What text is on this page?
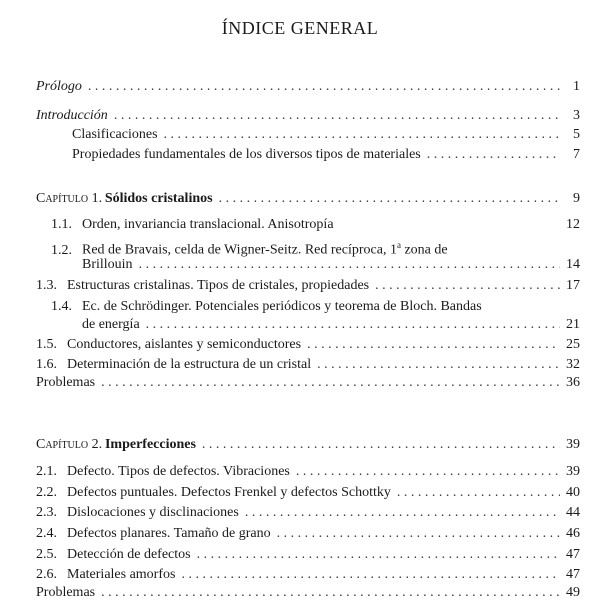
ÍNDICE GENERAL
Prólogo . . .	1
Introducción . . .	3
Clasificaciones . . .	5
Propiedades fundamentales de los diversos tipos de materiales . . .	7
Capítulo 1. Sólidos cristalinos . . .	9
1.1. Orden, invariancia translacional. Anisotropía	12
1.2. Red de Bravais, celda de Wigner-Seitz. Red recíproca, 1$^a$ zona de
Brillouin . . .	14
1.3. Estructuras cristalinas. Tipos de cristales, propiedades . . .	17
1.4. Ec. de Schrödinger. Potenciales periódicos y teorema de Bloch. Bandas
de energía . . .	21
1.5. Conductores, aislantes y semiconductores . . .	25
1.6. Determinación de la estructura de un cristal . . .	32
Problemas . . .	36
Capítulo 2. Imperfecciones . . .	39
2.1. Defecto. Tipos de defectos. Vibraciones . . .	39
2.2. Defectos puntuales. Defectos Frenkel y defectos Schottky . . .	40
2.3. Dislocaciones y disclinaciones . . .	44
2.4. Defectos planares. Tamaño de grano . . .	46
2.5. Detección de defectos . . .	47
2.6. Materiales amorfos . . .	47
Problemas . . .	49
